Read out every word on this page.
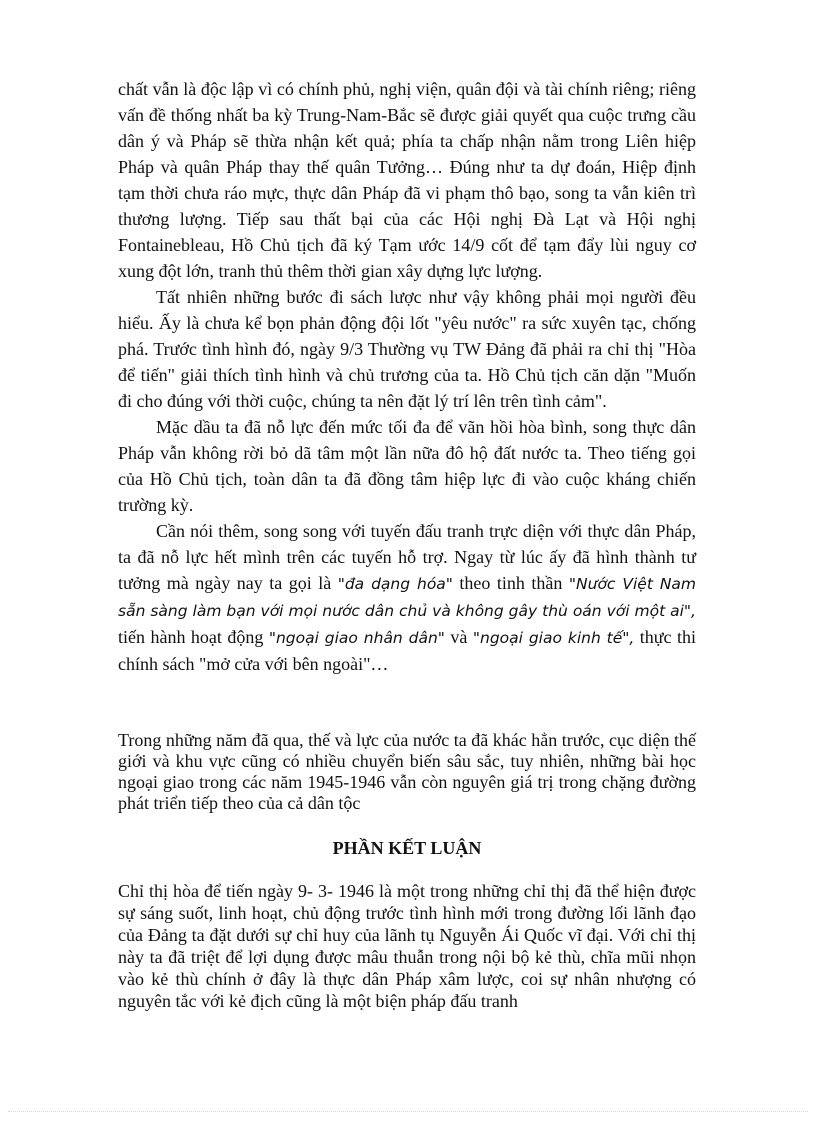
chất vẫn là độc lập vì có chính phủ, nghị viện, quân đội và tài chính riêng; riêng vấn đề thống nhất ba kỳ Trung-Nam-Bắc sẽ được giải quyết qua cuộc trưng cầu dân ý và Pháp sẽ thừa nhận kết quả; phía ta chấp nhận nằm trong Liên hiệp Pháp và quân Pháp thay thế quân Tưởng… Đúng như ta dự đoán, Hiệp định tạm thời chưa ráo mực, thực dân Pháp đã vi phạm thô bạo, song ta vẫn kiên trì thương lượng. Tiếp sau thất bại của các Hội nghị Đà Lạt và Hội nghị Fontainebleau, Hồ Chủ tịch đã ký Tạm ước 14/9 cốt để tạm đẩy lùi nguy cơ xung đột lớn, tranh thủ thêm thời gian xây dựng lực lượng.

Tất nhiên những bước đi sách lược như vậy không phải mọi người đều hiểu. Ấy là chưa kể bọn phản động đội lốt "yêu nước" ra sức xuyên tạc, chống phá. Trước tình hình đó, ngày 9/3 Thường vụ TW Đảng đã phải ra chỉ thị "Hòa để tiến" giải thích tình hình và chủ trương của ta. Hồ Chủ tịch căn dặn "Muốn đi cho đúng với thời cuộc, chúng ta nên đặt lý trí lên trên tình cảm".

Mặc dầu ta đã nỗ lực đến mức tối đa để vãn hồi hòa bình, song thực dân Pháp vẫn không rời bỏ dã tâm một lần nữa đô hộ đất nước ta. Theo tiếng gọi của Hồ Chủ tịch, toàn dân ta đã đồng tâm hiệp lực đi vào cuộc kháng chiến trường kỳ.

Cần nói thêm, song song với tuyến đấu tranh trực diện với thực dân Pháp, ta đã nỗ lực hết mình trên các tuyến hỗ trợ. Ngay từ lúc ấy đã hình thành tư tưởng mà ngày nay ta gọi là "đa dạng hóa" theo tinh thần "Nước Việt Nam sẵn sàng làm bạn với mọi nước dân chủ và không gây thù oán với một ai", tiến hành hoạt động "ngoại giao nhân dân" và "ngoại giao kinh tế", thực thi chính sách "mở cửa với bên ngoài"…

Trong những năm đã qua, thế và lực của nước ta đã khác hẳn trước, cục diện thế giới và khu vực cũng có nhiều chuyển biến sâu sắc, tuy nhiên, những bài học ngoại giao trong các năm 1945-1946 vẫn còn nguyên giá trị trong chặng đường phát triển tiếp theo của cả dân tộc

PHẦN KẾT LUẬN

Chỉ thị hòa để tiến ngày 9- 3- 1946 là một trong những chỉ thị đã thể hiện được sự sáng suốt, linh hoạt, chủ động trước tình hình mới trong đường lối lãnh đạo của Đảng ta đặt dưới sự chỉ huy của lãnh tụ Nguyễn Ái Quốc vĩ đại. Với chỉ thị này ta đã triệt để lợi dụng được mâu thuẫn trong nội bộ kẻ thù, chĩa mũi nhọn vào kẻ thù chính ở đây là thực dân Pháp xâm lược, coi sự nhân nhượng có nguyên tắc với kẻ địch cũng là một biện pháp đấu tranh
